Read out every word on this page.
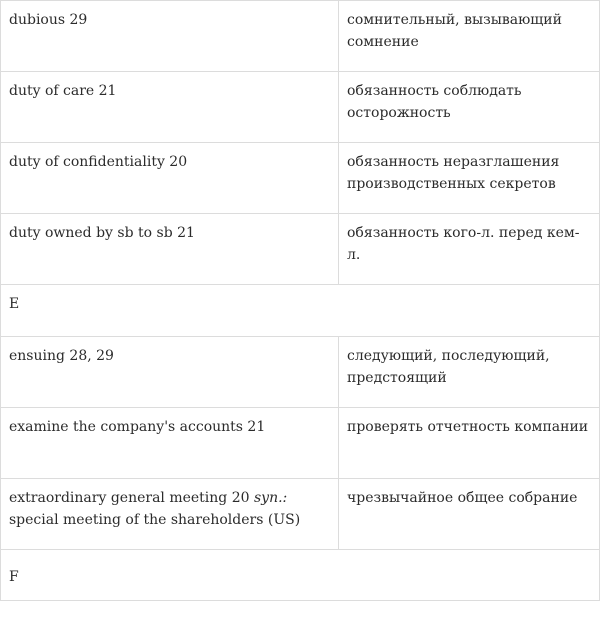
dubious 29	сомнительный, вызывающий сомнение
duty of care 21	обязанность соблюдать осторожность
duty of confidentiality 20	обязанность неразглашения производственных секретов
duty owned by sb to sb 21	обязанность кого-л. перед кем-л.
E	
ensuing 28, 29	следующий, последующий, предстоящий
examine the company's accounts 21	проверять отчетность компании
extraordinary general meeting 20 syn.: special meeting of the shareholders (US)	чрезвычайное общее собрание
F	
